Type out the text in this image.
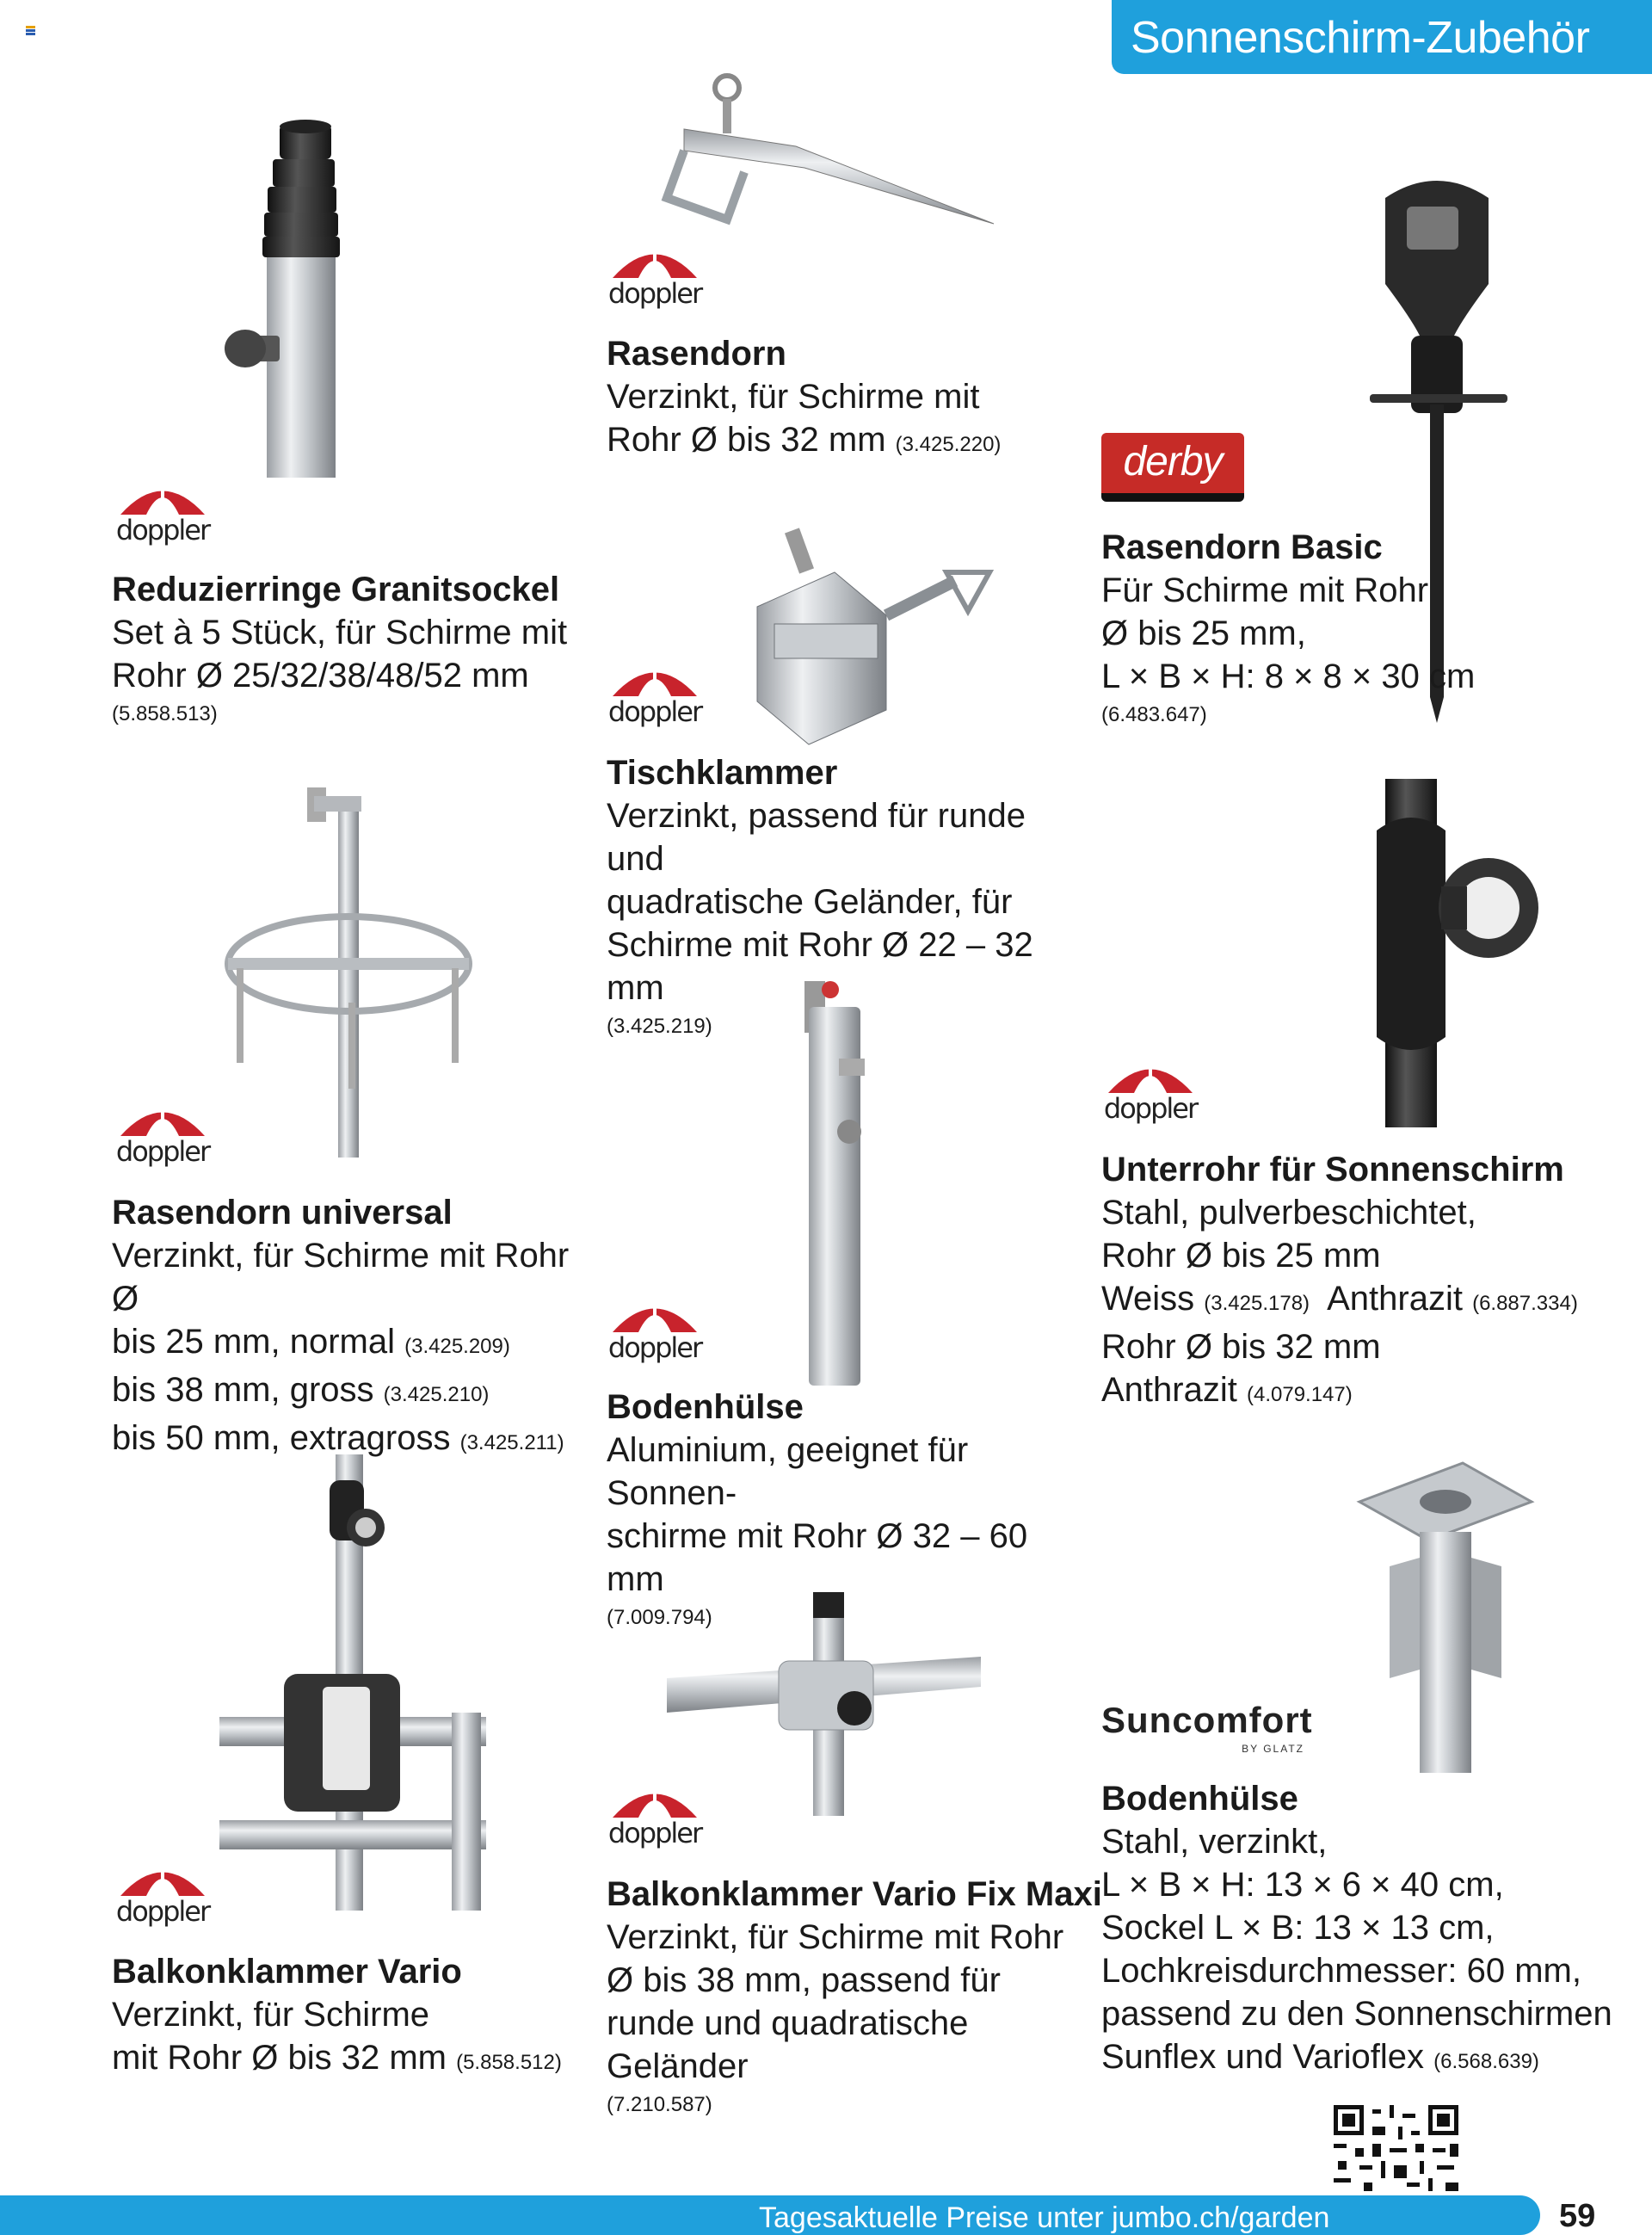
Sonnenschirm-Zubehör
doppler
doppler
doppler
doppler
doppler
doppler
doppler
doppler
derby
Suncomfort
BY GLATZ
Reduzierringe Granitsockel
Set à 5 Stück, für Schirme mit
Rohr Ø 25/32/38/48/52 mm
(5.858.513)
Rasendorn
Verzinkt, für Schirme mit
Rohr Ø bis 32 mm (3.425.220)
Rasendorn Basic
Für Schirme mit Rohr
Ø bis 25 mm,
L × B × H: 8 × 8 × 30 cm
(6.483.647)
Tischklammer
Verzinkt, passend für runde und
quadratische Geländer, für
Schirme mit Rohr Ø 22 – 32 mm
(3.425.219)
Rasendorn universal
Verzinkt, für Schirme mit Rohr Ø
bis 25 mm, normal (3.425.209)
bis 38 mm, gross (3.425.210)
bis 50 mm, extragross (3.425.211)
Unterrohr für Sonnenschirm
Stahl, pulverbeschichtet,
Rohr Ø bis 25 mm
Weiss (3.425.178) Anthrazit (6.887.334)
Rohr Ø bis 32 mm
Anthrazit (4.079.147)
Bodenhülse
Aluminium, geeignet für Sonnen-
schirme mit Rohr Ø 32 – 60 mm
(7.009.794)
Balkonklammer Vario
Verzinkt, für Schirme
mit Rohr Ø bis 32 mm (5.858.512)
Balkonklammer Vario Fix Maxi
Verzinkt, für Schirme mit Rohr
Ø bis 38 mm, passend für
runde und quadratische Geländer
(7.210.587)
Bodenhülse
Stahl, verzinkt,
L × B × H: 13 × 6 × 40 cm,
Sockel L × B: 13 × 13 cm,
Lochkreisdurchmesser: 60 mm,
passend zu den Sonnenschirmen
Sunflex und Varioflex (6.568.639)
Tagesaktuelle Preise unter jumbo.ch/garden	59
